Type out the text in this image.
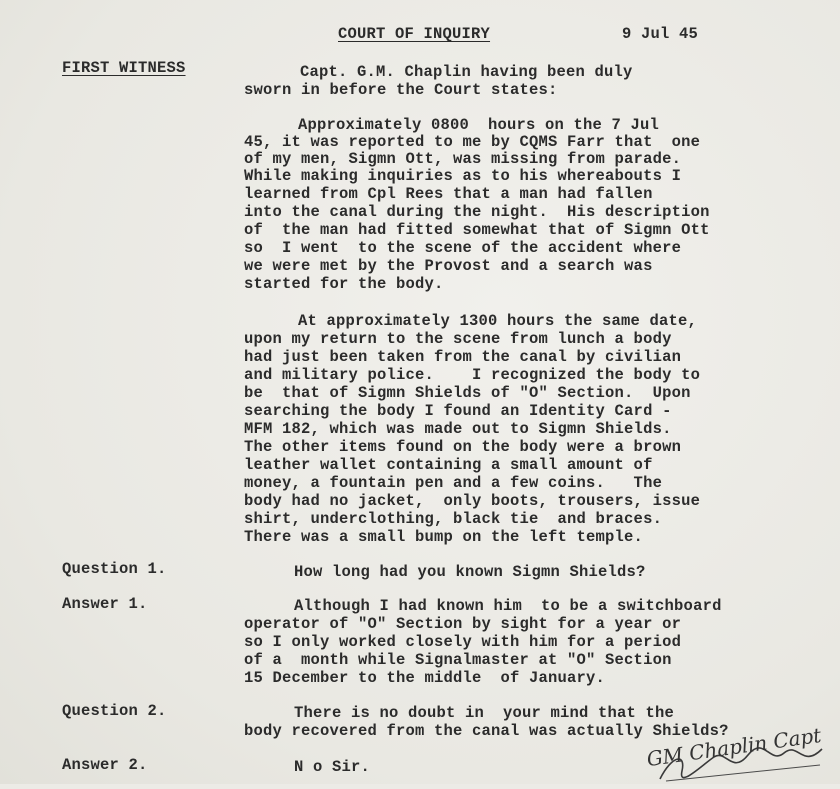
COURT OF INQUIRY	9 Jul 45
FIRST WITNESS	Capt. G.M. Chaplin having been duly
sworn in before the Court states:
Approximately 0800  hours on the 7 Jul
45, it was reported to me by CQMS Farr that  one
of my men, Sigmn Ott, was missing from parade.
While making inquiries as to his whereabouts I
learned from Cpl Rees that a man had fallen
into the canal during the night.  His description
of  the man had fitted somewhat that of Sigmn Ott
so  I went  to the scene of the accident where
we were met by the Provost and a search was
started for the body.
At approximately 1300 hours the same date,
upon my return to the scene from lunch a body
had just been taken from the canal by civilian
and military police.    I recognized the body to
be  that of Sigmn Shields of "O" Section.  Upon
searching the body I found an Identity Card -
MFM 182, which was made out to Sigmn Shields.
The other items found on the body were a brown
leather wallet containing a small amount of
money, a fountain pen and a few coins.   The
body had no jacket,  only boots, trousers, issue
shirt, underclothing, black tie  and braces.
There was a small bump on the left temple.
Question 1.	How long had you known Sigmn Shields?
Answer 1.	Although I had known him  to be a switchboard
operator of "O" Section by sight for a year or
so I only worked closely with him for a period
of a  month while Signalmaster at "O" Section
15 December to the middle  of January.
Question 2.	There is no doubt in  your mind that the
body recovered from the canal was actually Shields?
Answer 2.	N o Sir.	GM Chaplin Capt
